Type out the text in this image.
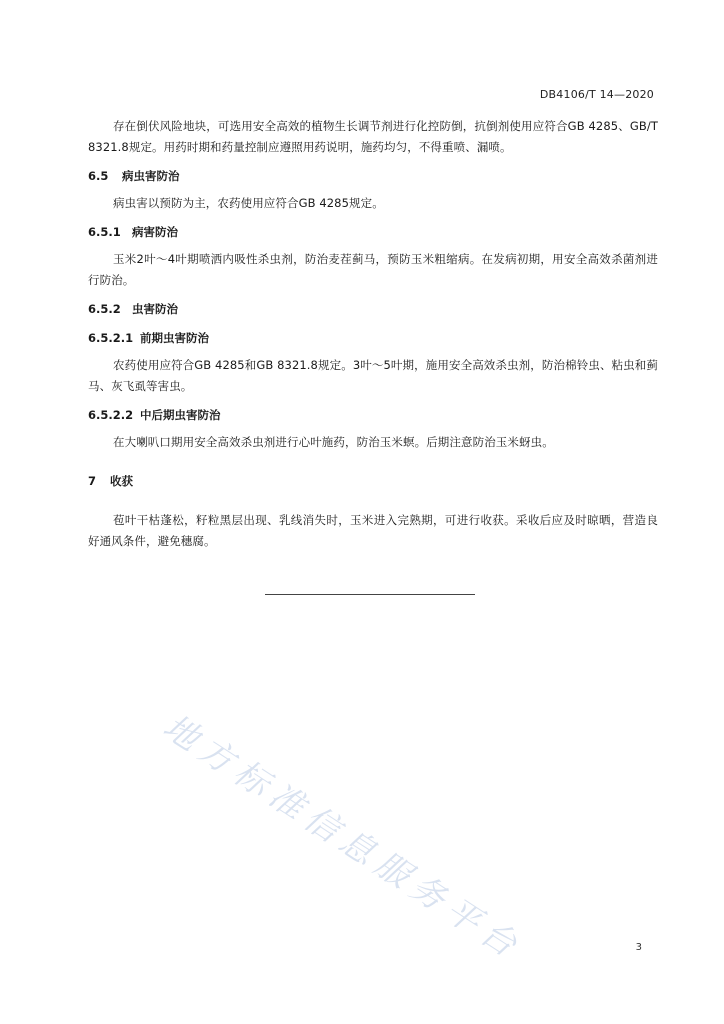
DB4106/T 14—2020

存在倒伏风险地块，可选用安全高效的植物生长调节剂进行化控防倒，抗倒剂使用应符合GB 4285、GB/T 8321.8规定。用药时期和药量控制应遵照用药说明，施药均匀，不得重喷、漏喷。

6.5	病虫害防治

病虫害以预防为主，农药使用应符合GB 4285规定。

6.5.1 病害防治

玉米2叶～4叶期喷洒内吸性杀虫剂，防治麦茬蓟马，预防玉米粗缩病。在发病初期，用安全高效杀菌剂进行防治。

6.5.2 虫害防治
6.5.2.1 前期虫害防治

农药使用应符合GB 4285和GB 8321.8规定。3叶～5叶期，施用安全高效杀虫剂，防治棉铃虫、粘虫和蓟马、灰飞虱等害虫。

6.5.2.2 中后期虫害防治

在大喇叭口期用安全高效杀虫剂进行心叶施药，防治玉米螟。后期注意防治玉米蚜虫。

7	收获

苞叶干枯蓬松，籽粒黑层出现、乳线消失时，玉米进入完熟期，可进行收获。采收后应及时晾晒，营造良好通风条件，避免穗腐。

地方标准信息服务平台	3
